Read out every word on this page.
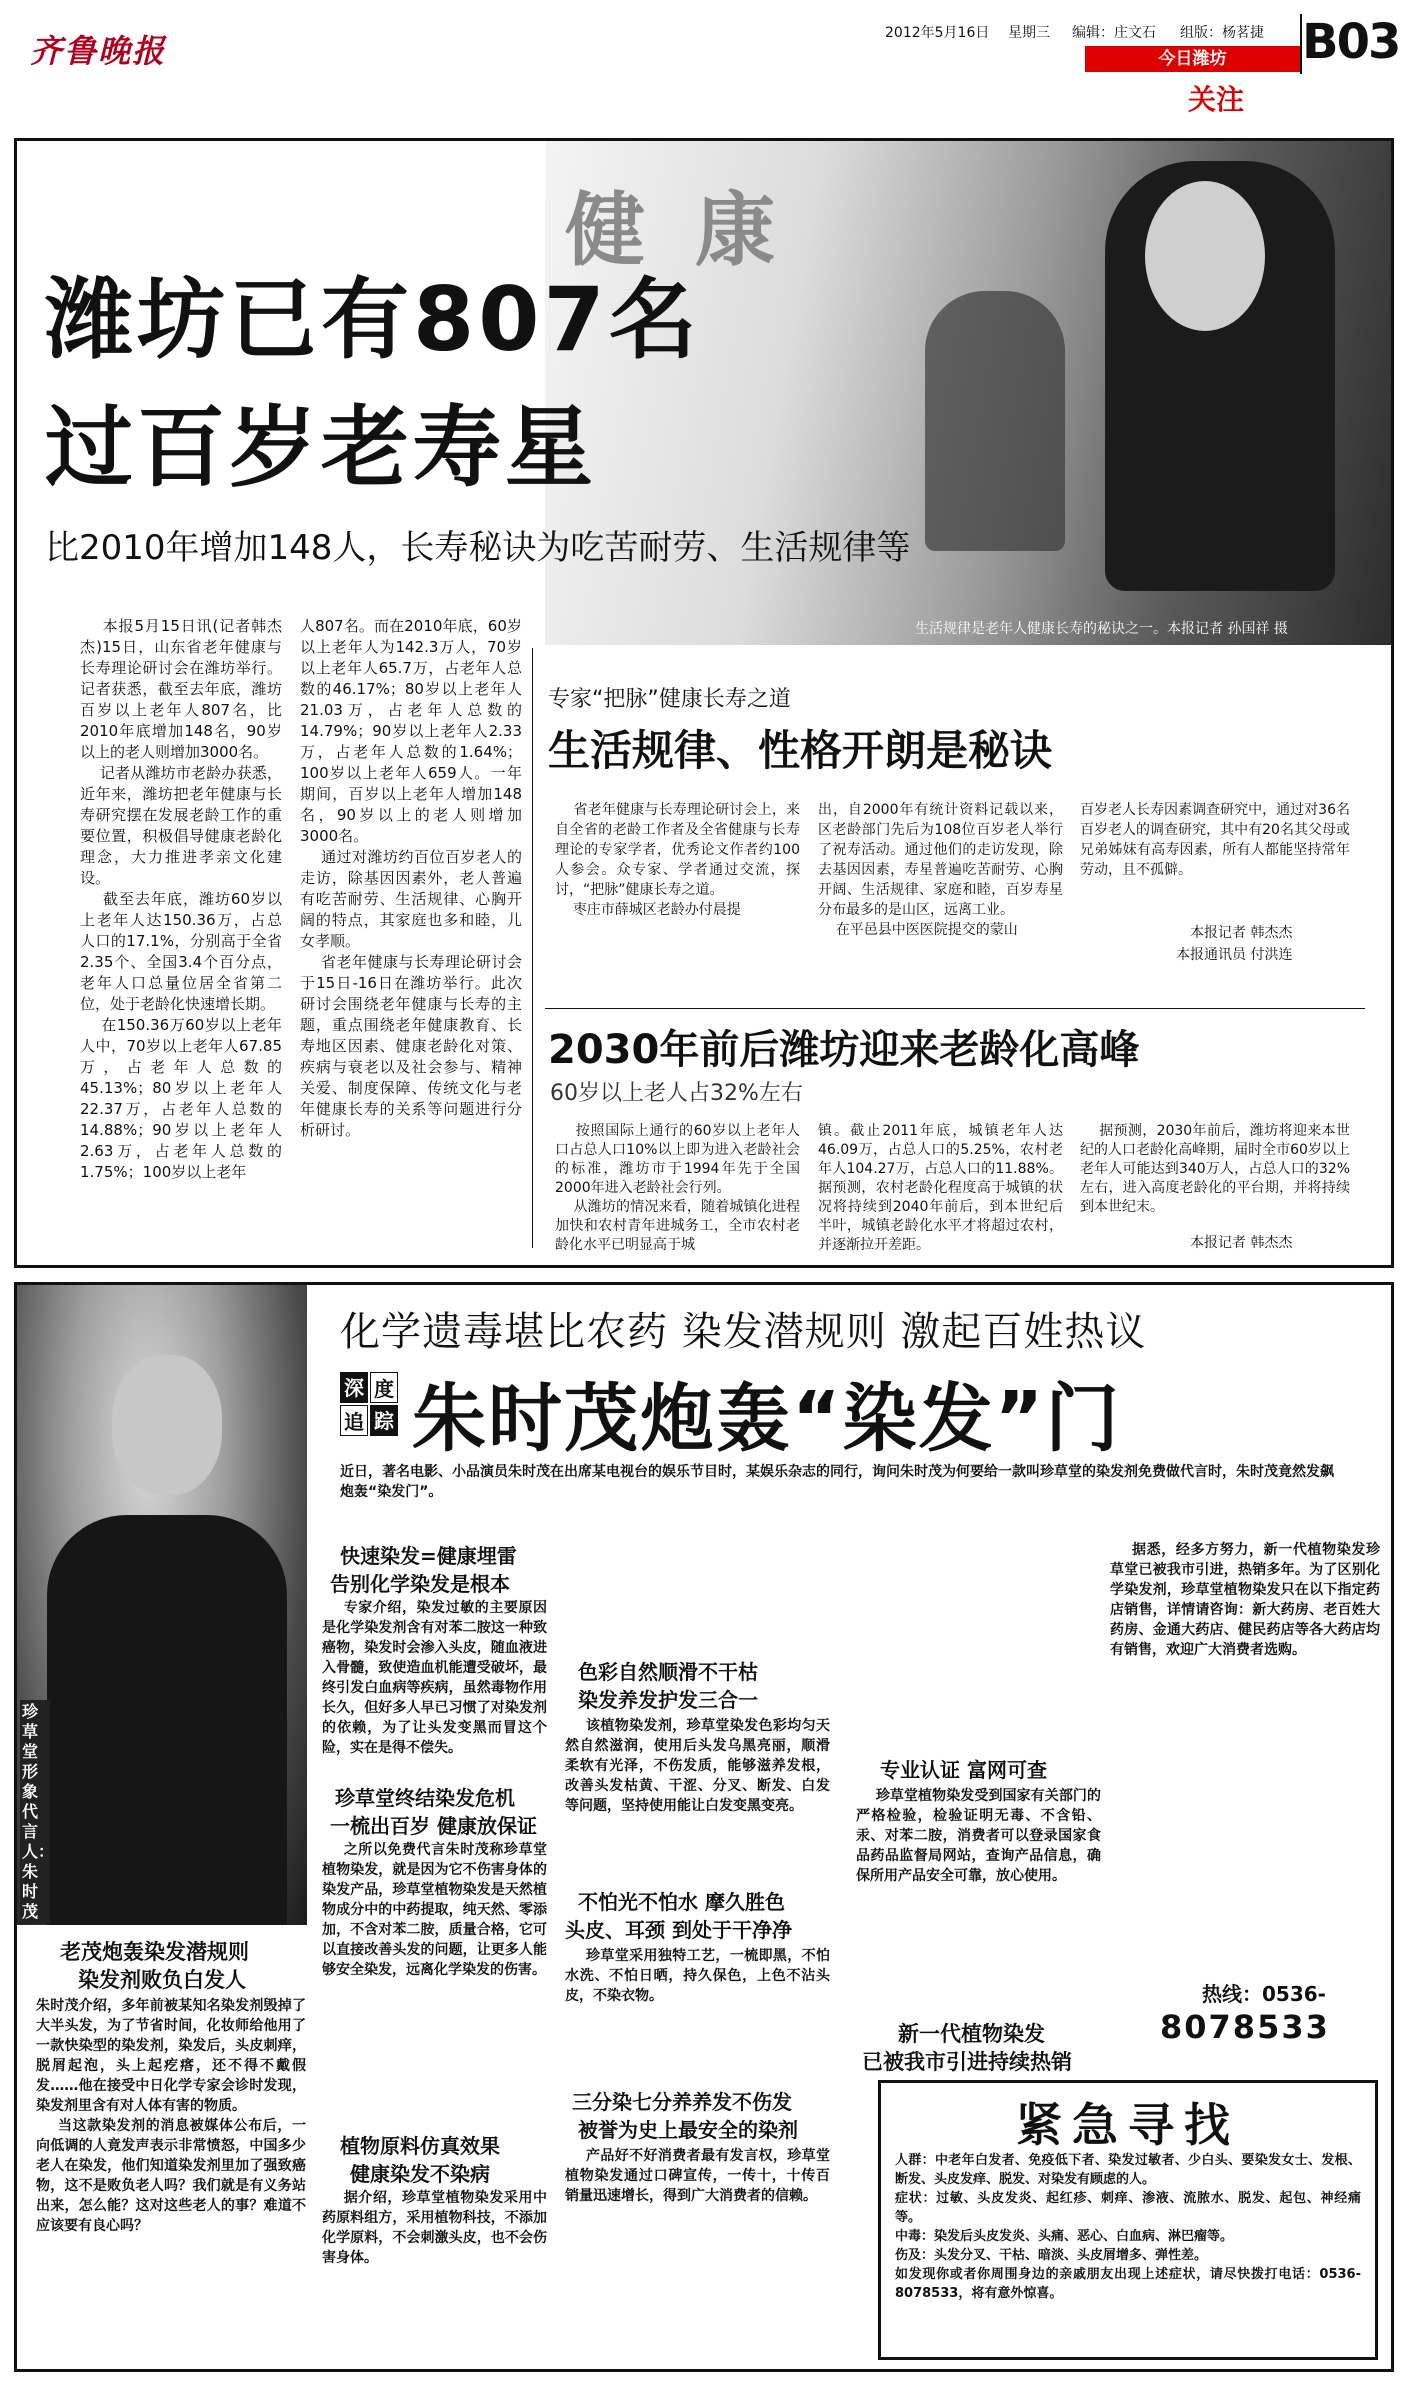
齐鲁晚报	2012年5月16日 星期三 编辑：庄文石 组版：杨茗捷
今日潍坊
关注
B03
健康
潍坊已有807名
过百岁老寿星
比2010年增加148人，长寿秘诀为吃苦耐劳、生活规律等
生活规律是老年人健康长寿的秘诀之一。本报记者 孙国祥 摄
本报5月15日讯(记者韩杰杰)15日，山东省老年健康与长寿理论研讨会在潍坊举行。记者获悉，截至去年底，潍坊百岁以上老年人807名，比2010年底增加148名，90岁以上的老人则增加3000名。
记者从潍坊市老龄办获悉，近年来，潍坊把老年健康与长寿研究摆在发展老龄工作的重要位置，积极倡导健康老龄化理念，大力推进孝亲文化建设。
截至去年底，潍坊60岁以上老年人达150.36万，占总人口的17.1%，分别高于全省2.35个、全国3.4个百分点，老年人口总量位居全省第二位，处于老龄化快速增长期。
在150.36万60岁以上老年人中，70岁以上老年人67.85万，占老年人总数的45.13%；80岁以上老年人22.37万，占老年人总数的14.88%；90岁以上老年人2.63万，占老年人总数的1.75%；100岁以上老年
人807名。而在2010年底，60岁以上老年人为142.3万人，70岁以上老年人65.7万，占老年人总数的46.17%；80岁以上老年人21.03万，占老年人总数的14.79%；90岁以上老年人2.33万，占老年人总数的1.64%；100岁以上老年人659人。一年期间，百岁以上老年人增加148名，90岁以上的老人则增加3000名。
通过对潍坊约百位百岁老人的走访，除基因因素外，老人普遍有吃苦耐劳、生活规律、心胸开阔的特点，其家庭也多和睦，儿女孝顺。
省老年健康与长寿理论研讨会于15日-16日在潍坊举行。此次研讨会围绕老年健康与长寿的主题，重点围绕老年健康教育、长寿地区因素、健康老龄化对策、疾病与衰老以及社会参与、精神关爱、制度保障、传统文化与老年健康长寿的关系等问题进行分析研讨。
专家“把脉”健康长寿之道
生活规律、性格开朗是秘诀
省老年健康与长寿理论研讨会上，来自全省的老龄工作者及全省健康与长寿理论的专家学者，优秀论文作者约100人参会。众专家、学者通过交流，探讨，“把脉”健康长寿之道。
枣庄市薛城区老龄办付晨提
出，自2000年有统计资料记载以来，区老龄部门先后为108位百岁老人举行了祝寿活动。通过他们的走访发现，除去基因因素，寿星普遍吃苦耐劳、心胸开阔、生活规律、家庭和睦，百岁寿星分布最多的是山区，远离工业。
在平邑县中医医院提交的蒙山
百岁老人长寿因素调查研究中，通过对36名百岁老人的调查研究，其中有20名其父母或兄弟姊妹有高寿因素，所有人都能坚持常年劳动，且不孤僻。
本报记者 韩杰杰
本报通讯员 付洪连
2030年前后潍坊迎来老龄化高峰
60岁以上老人占32%左右
按照国际上通行的60岁以上老年人口占总人口10%以上即为进入老龄社会的标准，潍坊市于1994年先于全国2000年进入老龄社会行列。
从潍坊的情况来看，随着城镇化进程加快和农村青年进城务工，全市农村老龄化水平已明显高于城
镇。截止2011年底，城镇老年人达46.09万，占总人口的5.25%，农村老年人104.27万，占总人口的11.88%。据预测，农村老龄化程度高于城镇的状况将持续到2040年前后，到本世纪后半叶，城镇老龄化水平才将超过农村，并逐渐拉开差距。
据预测，2030年前后，潍坊将迎来本世纪的人口老龄化高峰期，届时全市60岁以上老年人可能达到340万人，占总人口的32%左右，进入高度老龄化的平台期，并将持续到本世纪末。
本报记者 韩杰杰
珍草堂形象代言人：朱时茂
化学遗毒堪比农药 染发潜规则 激起百姓热议
深 度
追 踪 朱时茂炮轰“染发”门
近日，著名电影、小品演员朱时茂在出席某电视台的娱乐节目时，某娱乐杂志的同行，询问朱时茂为何要给一款叫珍草堂的染发剂免费做代言时，朱时茂竟然发飙炮轰“染发门”。
老茂炮轰染发潜规则
染发剂败负白发人
朱时茂介绍，多年前被某知名染发剂毁掉了大半头发，为了节省时间，化妆师给他用了一款快染型的染发剂，染发后，头皮刺痒，脱屑起泡，头上起疙瘩，还不得不戴假发……他在接受中日化学专家会诊时发现，染发剂里含有对人体有害的物质。
当这款染发剂的消息被媒体公布后，一向低调的人竟发声表示非常愤怒，中国多少老人在染发，他们知道染发剂里加了强致癌物，这不是败负老人吗？我们就是有义务站出来，怎么能？这对这些老人的事？难道不应该要有良心吗？
快速染发=健康埋雷
告别化学染发是根本
专家介绍，染发过敏的主要原因是化学染发剂含有对苯二胺这一种致癌物，染发时会渗入头皮，随血液进入骨髓，致使造血机能遭受破坏，最终引发白血病等疾病，虽然毒物作用长久，但好多人早已习惯了对染发剂的依赖，为了让头发变黑而冒这个险，实在是得不偿失。
珍草堂终结染发危机
一梳出百岁 健康放保证
之所以免费代言朱时茂称珍草堂植物染发，就是因为它不伤害身体的染发产品，珍草堂植物染发是天然植物成分中的中药提取，纯天然、零添加，不含对苯二胺，质量合格，它可以直接改善头发的问题，让更多人能够安全染发，远离化学染发的伤害。
植物原料仿真效果
健康染发不染病
据介绍，珍草堂植物染发采用中药原料组方，采用植物科技，不添加化学原料，不会刺激头皮，也不会伤害身体。
色彩自然顺滑不干枯
染发养发护发三合一
该植物染发剂，珍草堂染发色彩均匀天然自然滋润，使用后头发乌黑亮丽，顺滑柔软有光泽，不伤发质，能够滋养发根，改善头发枯黄、干涩、分叉、断发、白发等问题，坚持使用能让白发变黑变亮。
不怕光不怕水 摩久胜色
头皮、耳颈 到处于干净净
珍草堂采用独特工艺，一梳即黑，不怕水洗、不怕日晒，持久保色，上色不沾头皮，不染衣物。
三分染七分养养发不伤发
被誉为史上最安全的染剂
产品好不好消费者最有发言权，珍草堂植物染发通过口碑宣传，一传十，十传百销量迅速增长，得到广大消费者的信赖。
专业认证 富网可查
珍草堂植物染发受到国家有关部门的严格检验，检验证明无毒、不含铅、汞、对苯二胺，消费者可以登录国家食品药品监督局网站，查询产品信息，确保所用产品安全可靠，放心使用。
新一代植物染发
已被我市引进持续热销
据悉，经多方努力，新一代植物染发珍草堂已被我市引进，热销多年。为了区别化学染发剂，珍草堂植物染发只在以下指定药店销售，详情请咨询：新大药房、老百姓大药房、金通大药店、健民药店等各大药店均有销售，欢迎广大消费者选购。
热线：0536-
8078533
紧急寻找
人群：中老年白发者、免疫低下者、染发过敏者、少白头、要染发女士、发根、断发、头皮发痒、脱发、对染发有顾虑的人。
症状：过敏、头皮发炎、起红疹、刺痒、渗液、流脓水、脱发、起包、神经痛等。
中毒：染发后头皮发炎、头痛、恶心、白血病、淋巴瘤等。
伤及：头发分叉、干枯、暗淡、头皮屑增多、弹性差。
如发现你或者你周围身边的亲戚朋友出现上述症状，请尽快拨打电话：0536-8078533，将有意外惊喜。
